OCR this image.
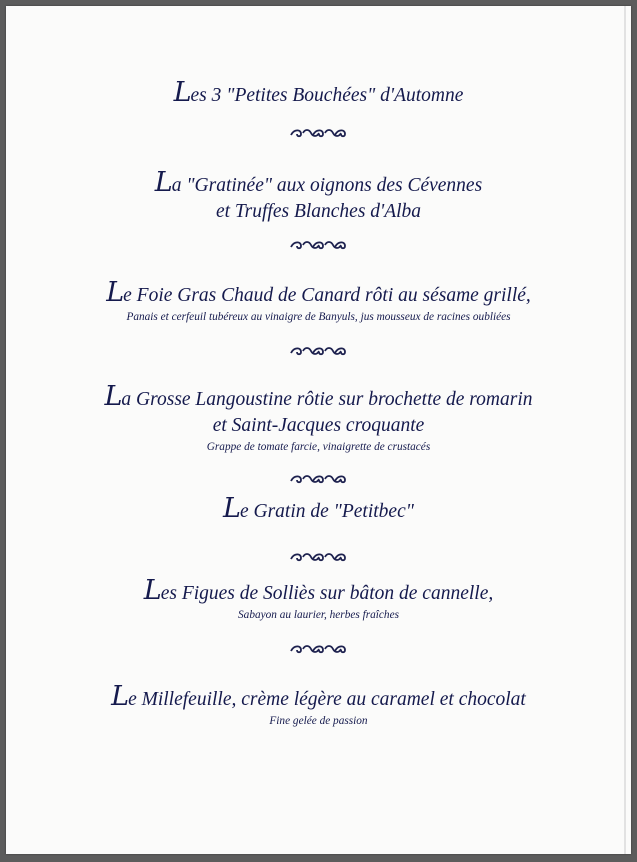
Les 3 "Petites Bouchées" d'Automne
La "Gratinée" aux oignons des Cévennes
et Truffes Blanches d'Alba
Le Foie Gras Chaud de Canard rôti au sésame grillé,
Panais et cerfeuil tubéreux au vinaigre de Banyuls, jus mousseux de racines oubliées
La Grosse Langoustine rôtie sur brochette de romarin
et Saint-Jacques croquante
Grappe de tomate farcie, vinaigrette de crustacés
Le Gratin de "Petitbec"
Les Figues de Solliès sur bâton de cannelle,
Sabayon au laurier, herbes fraîches
Le Millefeuille, crème légère au caramel et chocolat
Fine gelée de passion
